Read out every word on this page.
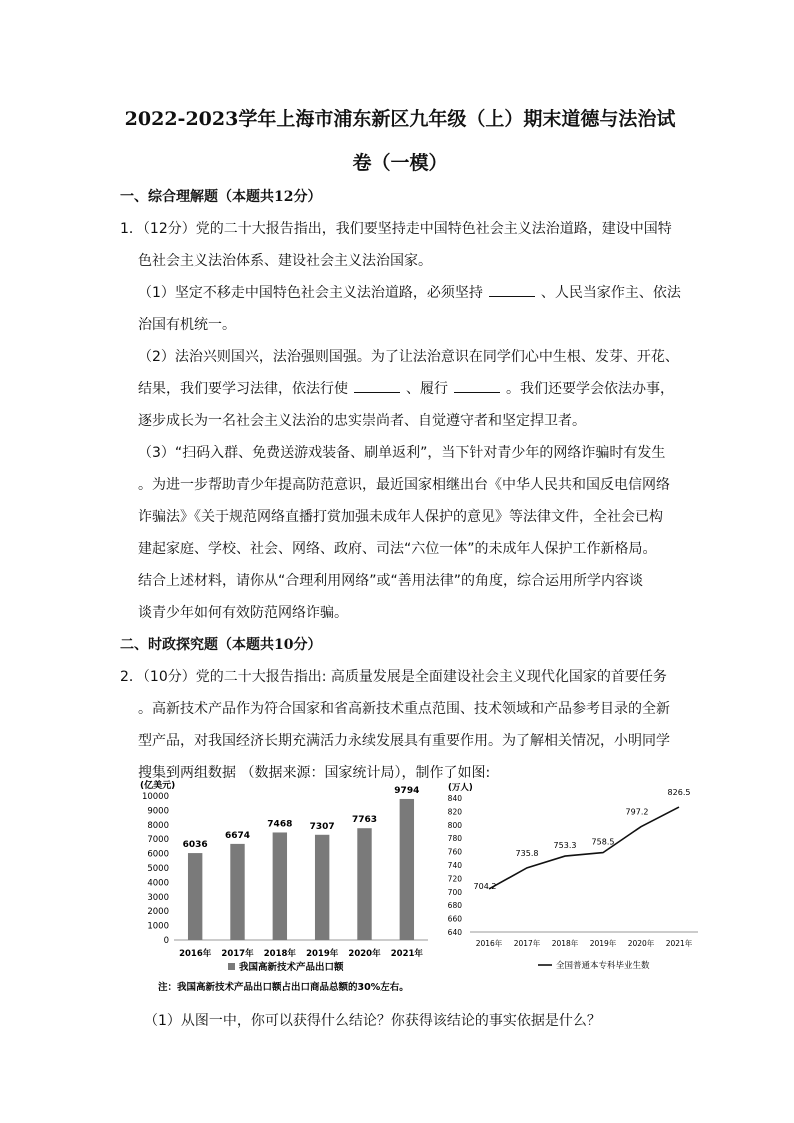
2022-2023学年上海市浦东新区九年级（上）期末道德与法治试
卷（一模）
一、综合理解题（本题共12分）
1．（12分）党的二十大报告指出，我们要坚持走中国特色社会主义法治道路，建设中国特
色社会主义法治体系、建设社会主义法治国家。
（1）坚定不移走中国特色社会主义法治道路，必须坚持	、人民当家作主、依法
治国有机统一。
（2）法治兴则国兴，法治强则国强。为了让法治意识在同学们心中生根、发芽、开花、
结果，我们要学习法律，依法行使	、履行	。我们还要学会依法办事，
逐步成长为一名社会主义法治的忠实崇尚者、自觉遵守者和坚定捍卫者。
（3）“扫码入群、免费送游戏装备、刷单返利”，当下针对青少年的网络诈骗时有发生
。为进一步帮助青少年提高防范意识，最近国家相继出台《中华人民共和国反电信网络
诈骗法》《关于规范网络直播打赏加强未成年人保护的意见》等法律文件，全社会已构
建起家庭、学校、社会、网络、政府、司法“六位一体”的未成年人保护工作新格局。
结合上述材料，请你从“合理利用网络”或“善用法律”的角度，综合运用所学内容谈
谈青少年如何有效防范网络诈骗。
二、时政探究题（本题共10分）
2．（10分）党的二十大报告指出: 高质量发展是全面建设社会主义现代化国家的首要任务
。高新技术产品作为符合国家和省高新技术重点范围、技术领域和产品参考目录的全新
型产品，对我国经济长期充满活力永续发展具有重要作用。为了解相关情况，小明同学
搜集到两组数据 （数据来源：国家统计局），制作了如图:
(亿美元)
0
1000
2000
3000
4000
5000
6000
7000
8000
9000
10000
6036
2016年
6674
2017年
7468
2018年
7307
2019年
7763
2020年
9794
2021年
我国高新技术产品出口额
注：我国高新技术产品出口额占出口商品总额的30%左右。
(万人)
640
660
680
700
720
740
760
780
800
820
840
704.2
2016年
735.8
2017年
753.3
2018年
758.5
2019年
797.2
2020年
826.5
2021年
全国普通本专科毕业生数
（1）从图一中，你可以获得什么结论？你获得该结论的事实依据是什么？
